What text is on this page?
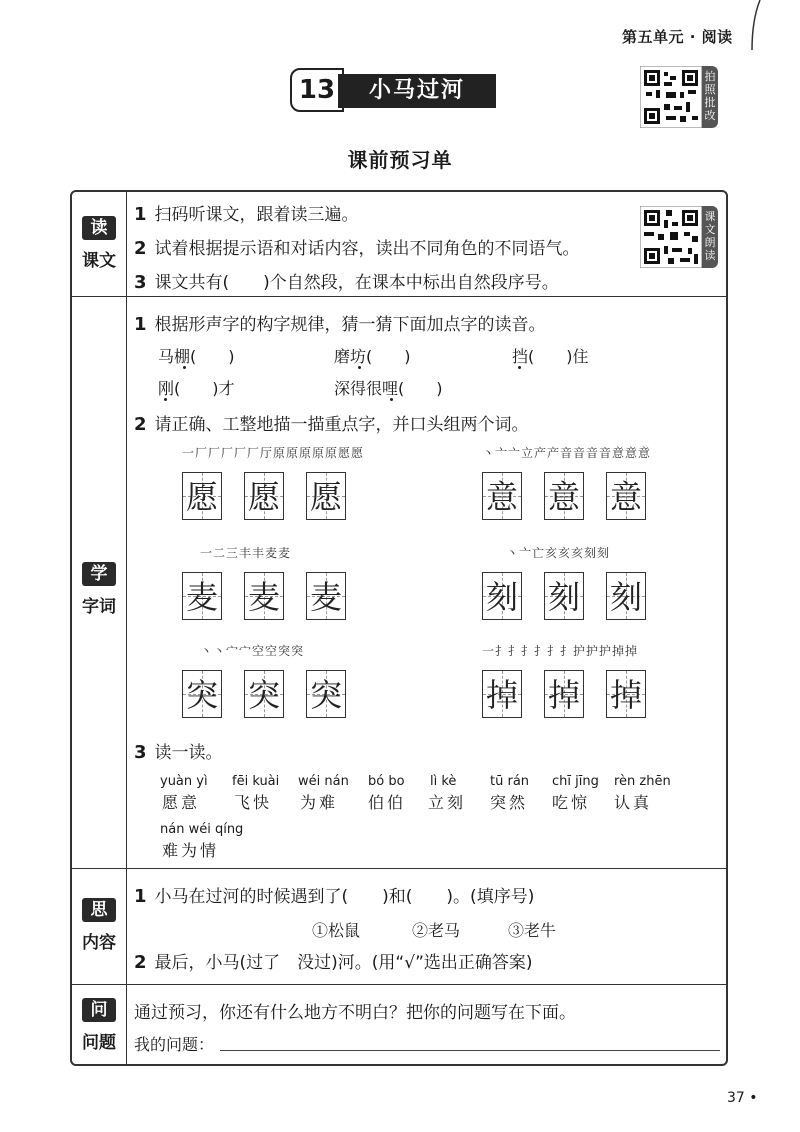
第五单元 · 阅读
13	小马过河
拍照批改
课前预习单
读
课文
1 扫码听课文，跟着读三遍。
2 试着根据提示语和对话内容，读出不同角色的不同语气。
3 课文共有(　　)个自然段，在课本中标出自然段序号。
课文朗读
学
字词
1 根据形声字的构字规律，猜一猜下面加点字的读音。
马棚(　　)	磨坊(　　)	挡(　　)住
刚(　　)才	深得很哩(　　)
2 请正确、工整地描一描重点字，并口头组两个词。
一厂厂厂厂厂厅原原原原原愿愿
愿 愿 愿
丶亠亠立产产音音音音意意意
意 意 意
一二三丰丰麦麦
麦 麦 麦
丶亠亡亥亥亥刻刻
刻 刻 刻
丶丶宀宀空空突突
突 突 突
一扌扌扌扌扌扌护护护掉掉
掉 掉 掉
3 读一读。
yuàn yì
愿意
fēi kuài
飞快
wéi nán
为难
bó bo
伯伯
lì kè
立刻
tū rán
突然
chī jīng
吃惊
rèn zhēn
认真
nán wéi qíng
难为情
思
内容
1 小马在过河的时候遇到了(　　)和(　　)。(填序号)
①松鼠	②老马	③老牛
2 最后，小马(过了　没过)河。(用“√”选出正确答案)
问
问题
通过预习，你还有什么地方不明白？把你的问题写在下面。
我的问题：
37 •
